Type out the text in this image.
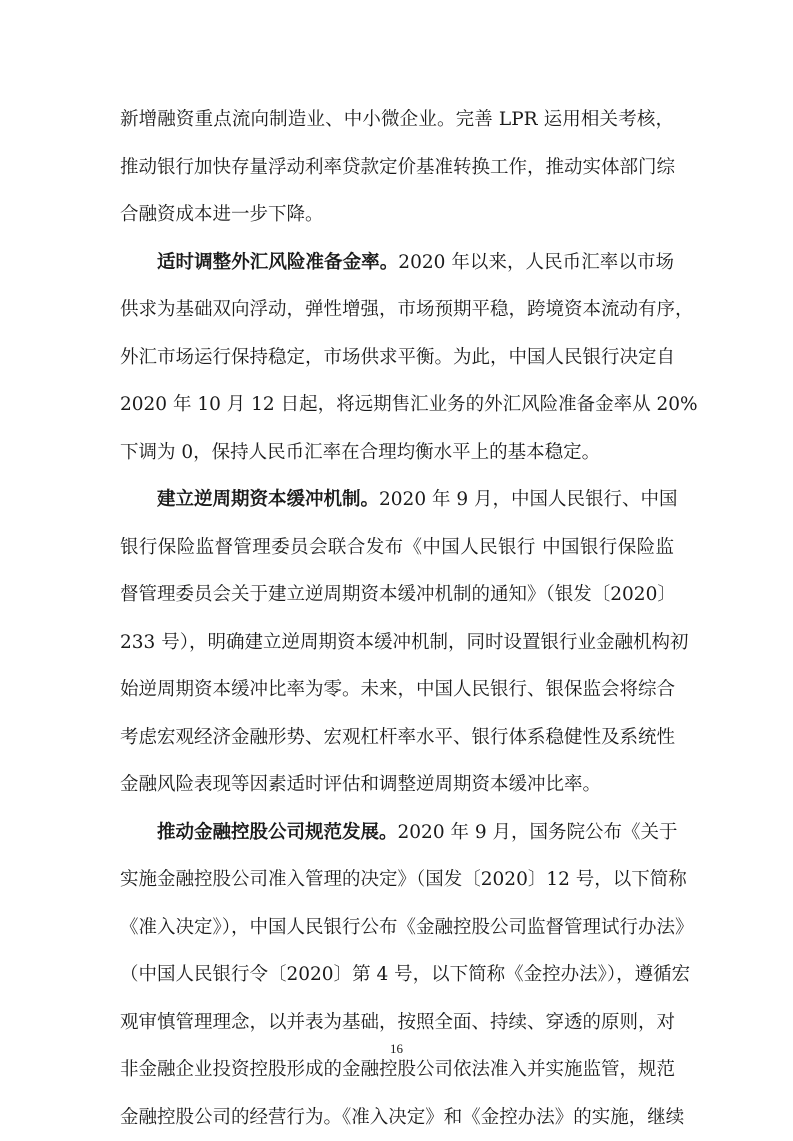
新增融资重点流向制造业、中小微企业。完善 LPR 运用相关考核，
推动银行加快存量浮动利率贷款定价基准转换工作，推动实体部门综
合融资成本进一步下降。
适时调整外汇风险准备金率。2020 年以来，人民币汇率以市场
供求为基础双向浮动，弹性增强，市场预期平稳，跨境资本流动有序，
外汇市场运行保持稳定，市场供求平衡。为此，中国人民银行决定自
2020 年 10 月 12 日起，将远期售汇业务的外汇风险准备金率从 20%
下调为 0，保持人民币汇率在合理均衡水平上的基本稳定。
建立逆周期资本缓冲机制。2020 年 9 月，中国人民银行、中国
银行保险监督管理委员会联合发布《中国人民银行 中国银行保险监
督管理委员会关于建立逆周期资本缓冲机制的通知》（银发〔2020〕
233 号），明确建立逆周期资本缓冲机制，同时设置银行业金融机构初
始逆周期资本缓冲比率为零。未来，中国人民银行、银保监会将综合
考虑宏观经济金融形势、宏观杠杆率水平、银行体系稳健性及系统性
金融风险表现等因素适时评估和调整逆周期资本缓冲比率。
推动金融控股公司规范发展。2020 年 9 月，国务院公布《关于
实施金融控股公司准入管理的决定》（国发〔2020〕12 号，以下简称
《准入决定》），中国人民银行公布《金融控股公司监督管理试行办法》
（中国人民银行令〔2020〕第 4 号，以下简称《金控办法》），遵循宏
观审慎管理理念，以并表为基础，按照全面、持续、穿透的原则，对
非金融企业投资控股形成的金融控股公司依法准入并实施监管，规范
金融控股公司的经营行为。《准入决定》和《金控办法》的实施，继续
16
